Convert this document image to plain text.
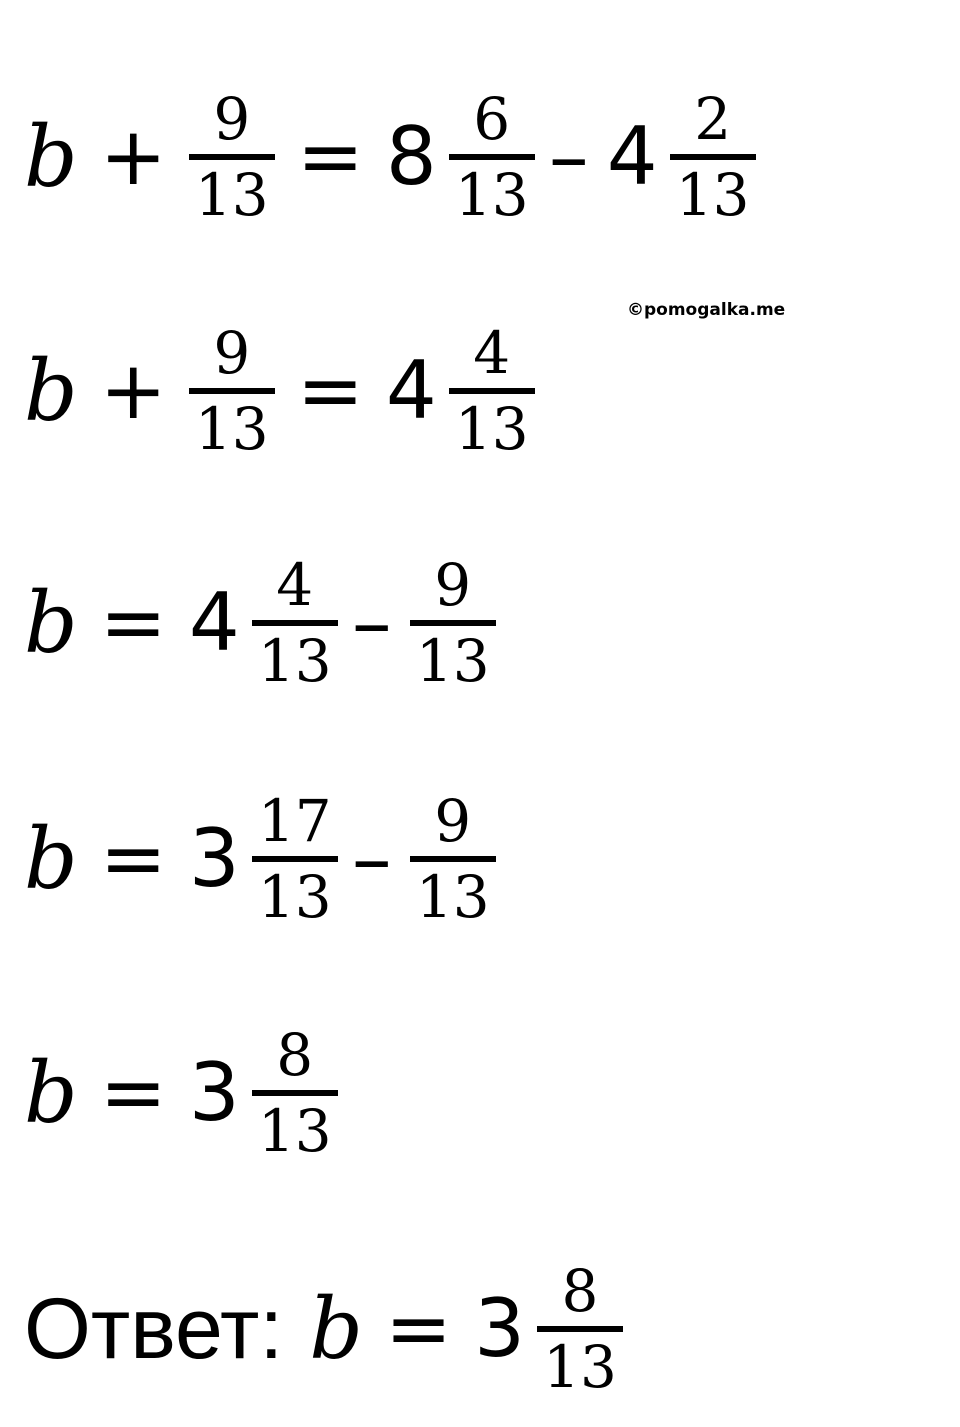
©pomogalka.me
b + 9
13 = 8 6
13 – 4 2
13
b + 9
13 = 4 4
13
b = 4 4
13 – 9
13
b = 3 17
13 – 9
13
b = 3 8
13
Ответ: b = 3 8
13
